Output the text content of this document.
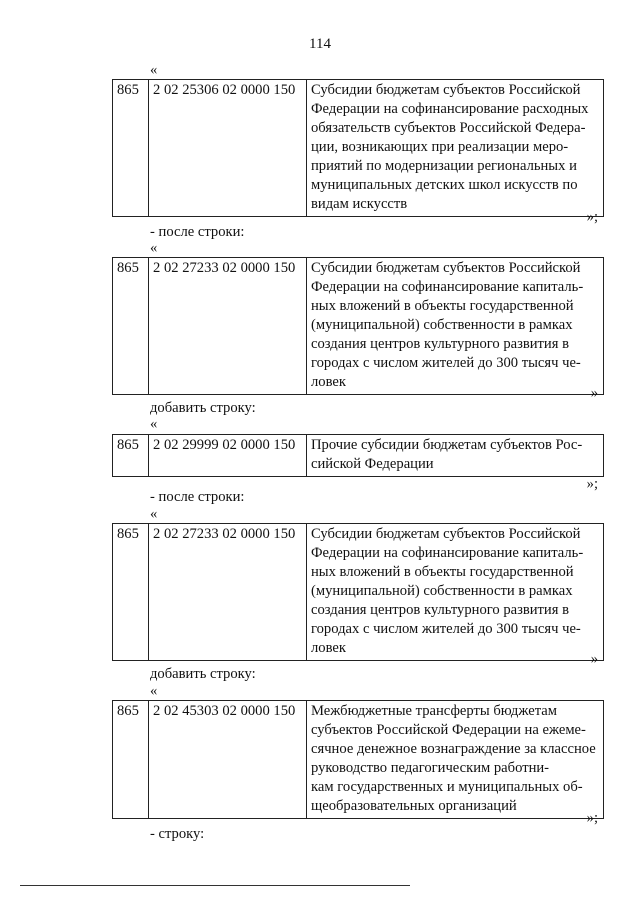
114
«
865	2 02 25306 02 0000 150	Субсидии бюджетам субъектов Российской
Федерации на софинансирование расходных
обязательств субъектов Российской Федера-
ции, возникающих при реализации меро-
приятий по модернизации региональных и
муниципальных детских школ искусств по
видам искусств
»;
- после строки:
«
865	2 02 27233 02 0000 150	Субсидии бюджетам субъектов Российской
Федерации на софинансирование капиталь-
ных вложений в объекты государственной
(муниципальной) собственности в рамках
создания центров культурного развития в
городах с числом жителей до 300 тысяч че-
ловек
»
добавить строку:
«
865	2 02 29999 02 0000 150	Прочие субсидии бюджетам субъектов Рос-
сийской Федерации
»;
- после строки:
«
865	2 02 27233 02 0000 150	Субсидии бюджетам субъектов Российской
Федерации на софинансирование капиталь-
ных вложений в объекты государственной
(муниципальной) собственности в рамках
создания центров культурного развития в
городах с числом жителей до 300 тысяч че-
ловек
»
добавить строку:
«
865	2 02 45303 02 0000 150	Межбюджетные трансферты бюджетам
субъектов Российской Федерации на ежеме-
сячное денежное вознаграждение за классное
руководство педагогическим работни-
кам государственных и муниципальных об-
щеобразовательных организаций
»;
- строку:
